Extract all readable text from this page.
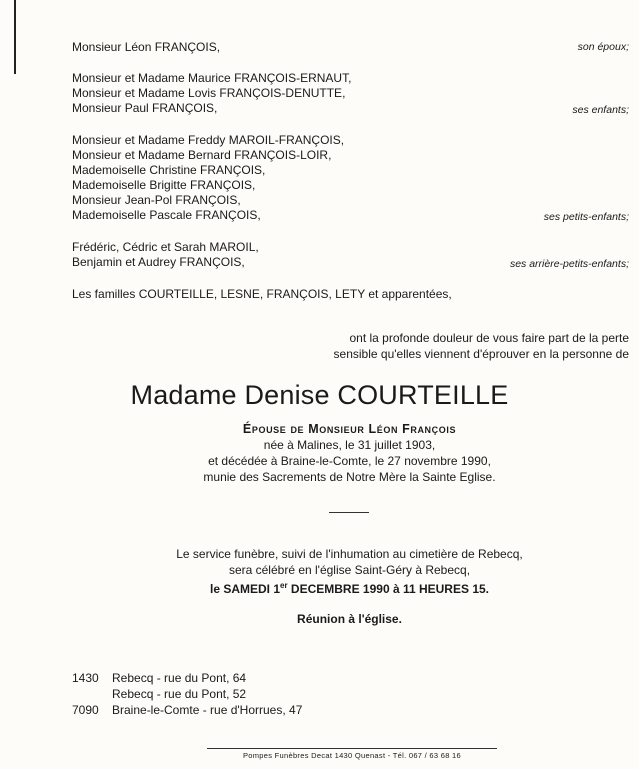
Monsieur Léon FRANÇOIS,	son époux;
Monsieur et Madame Maurice FRANÇOIS-ERNAUT,
Monsieur et Madame Lovis FRANÇOIS-DENUTTE,
Monsieur Paul FRANÇOIS,	ses enfants;
Monsieur et Madame Freddy MAROIL-FRANÇOIS,
Monsieur et Madame Bernard FRANÇOIS-LOIR,
Mademoiselle Christine FRANÇOIS,
Mademoiselle Brigitte FRANÇOIS,
Monsieur Jean-Pol FRANÇOIS,
Mademoiselle Pascale FRANÇOIS,	ses petits-enfants;
Frédéric, Cédric et Sarah MAROIL,
Benjamin et Audrey FRANÇOIS,	ses arrière-petits-enfants;
Les familles COURTEILLE, LESNE, FRANÇOIS, LETY et apparentées,
ont la profonde douleur de vous faire part de la perte
sensible qu'elles viennent d'éprouver en la personne de
Madame Denise COURTEILLE
Épouse de Monsieur Léon François
née à Malines, le 31 juillet 1903,
et décédée à Braine-le-Comte, le 27 novembre 1990,
munie des Sacrements de Notre Mère la Sainte Eglise.
Le service funèbre, suivi de l'inhumation au cimetière de Rebecq,
sera célébré en l'église Saint-Géry à Rebecq,
le SAMEDI 1er DECEMBRE 1990 à 11 HEURES 15.
Réunion à l'église.
1430 Rebecq - rue du Pont, 64
Rebecq - rue du Pont, 52
7090 Braine-le-Comte - rue d'Horrues, 47
Pompes Funèbres Decat 1430 Quenast - Tél. 067 / 63 68 16
